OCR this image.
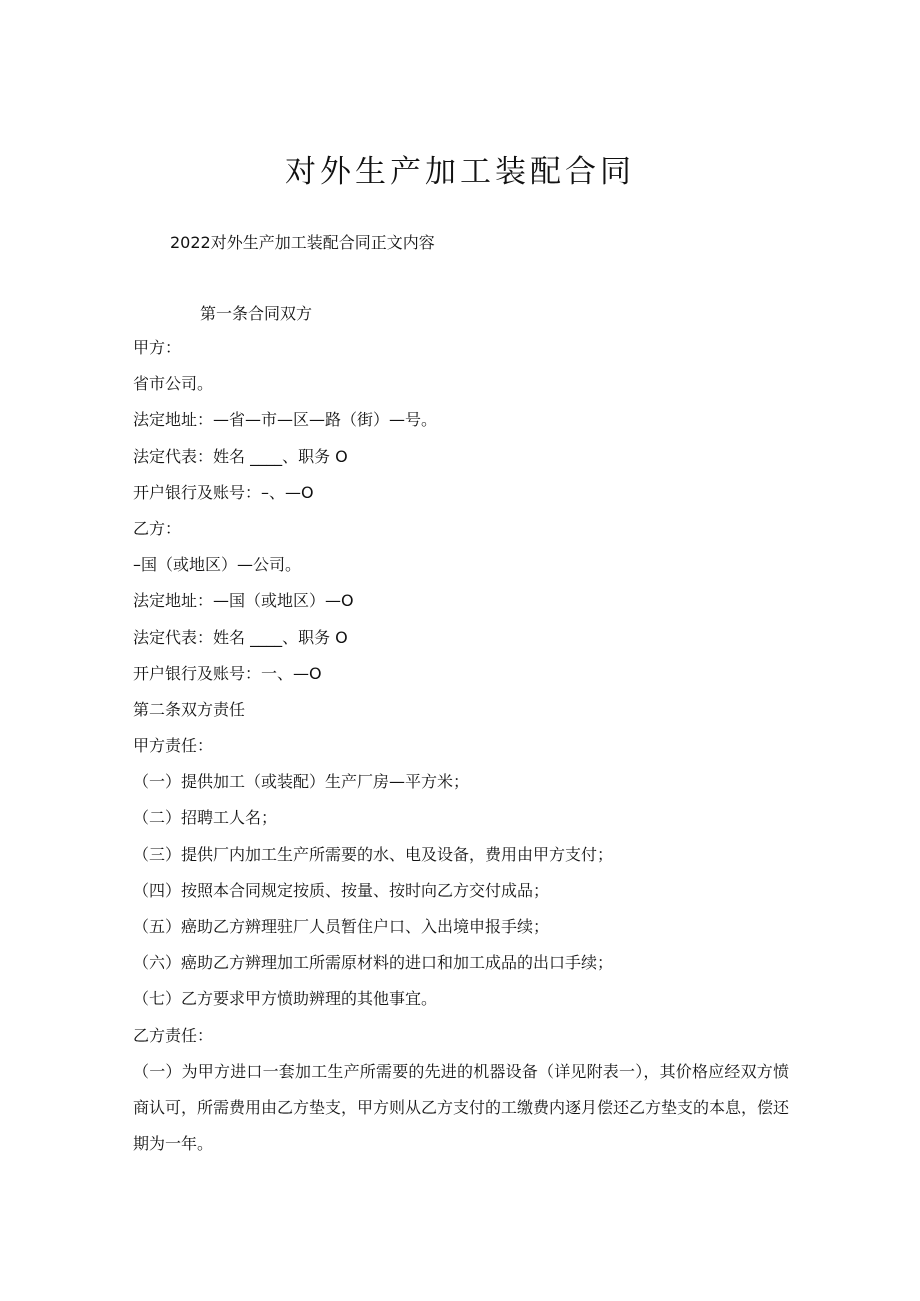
对外生产加工装配合同
2022对外生产加工装配合同正文内容
第一条合同双方
甲方：
省市公司。
法定地址：—省—市—区—路（街）—号。
法定代表：姓名 ____、职务 O
开户银行及账号：–、—O
乙方：
–国（或地区）—公司。
法定地址：—国（或地区）—O
法定代表：姓名 ____、职务 O
开户银行及账号：一、—O
第二条双方责任
甲方责任：
（一）提供加工（或装配）生产厂房—平方米；
（二）招聘工人名；
（三）提供厂内加工生产所需要的水、电及设备，费用由甲方支付；
（四）按照本合同规定按质、按量、按时向乙方交付成品；
（五）癌助乙方辨理驻厂人员暂住户口、入出境申报手续；
（六）癌助乙方辨理加工所需原材料的进口和加工成品的出口手续；
（七）乙方要求甲方愤助辨理的其他事宜。
乙方责任：
（一）为甲方进口一套加工生产所需要的先进的机器设备（详见附表一），其价格应经双方愤商认可，所需费用由乙方垫支，甲方则从乙方支付的工缴费内逐月偿还乙方垫支的本息，偿还期为一年。
